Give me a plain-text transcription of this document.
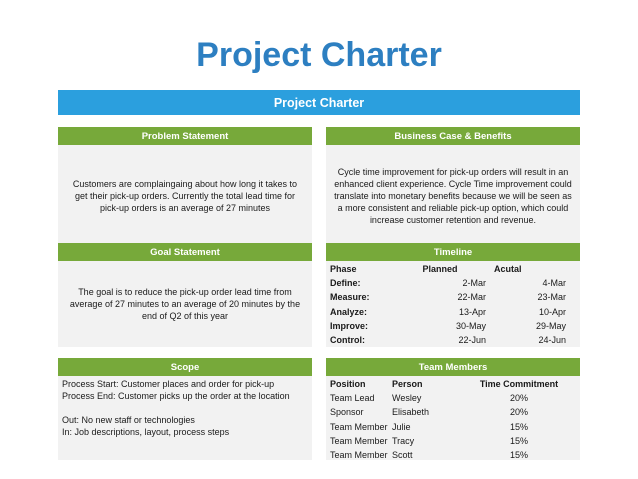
Project Charter
Project Charter
Problem Statement
Customers are complaingaing about how long it takes to get their pick-up orders. Currently the total lead time for pick-up orders is an average of 27 minutes
Business Case & Benefits
Cycle time improvement for pick-up orders will result in an enhanced client experience. Cycle Time improvement could translate into monetary benefits because we will be seen as a more consistent and reliable pick-up option, which could increase customer retention and revenue.
Goal Statement
The goal is to reduce the pick-up order lead time from average of 27 minutes to an average of 20 minutes by the end of Q2 of this year
Timeline
Phase	Planned	Acutal
Define:	2-Mar	4-Mar
Measure:	22-Mar	23-Mar
Analyze:	13-Apr	10-Apr
Improve:	30-May	29-May
Control:	22-Jun	24-Jun
Scope
Process Start: Customer places and order for pick-up
Process End: Customer picks up the order at the location
Out: No new staff or technologies
In: Job descriptions, layout, process steps
Team Members
Position	Person	Time Commitment
Team Lead	Wesley	20%
Sponsor	Elisabeth	20%
Team Member	Julie	15%
Team Member	Tracy	15%
Team Member	Scott	15%
